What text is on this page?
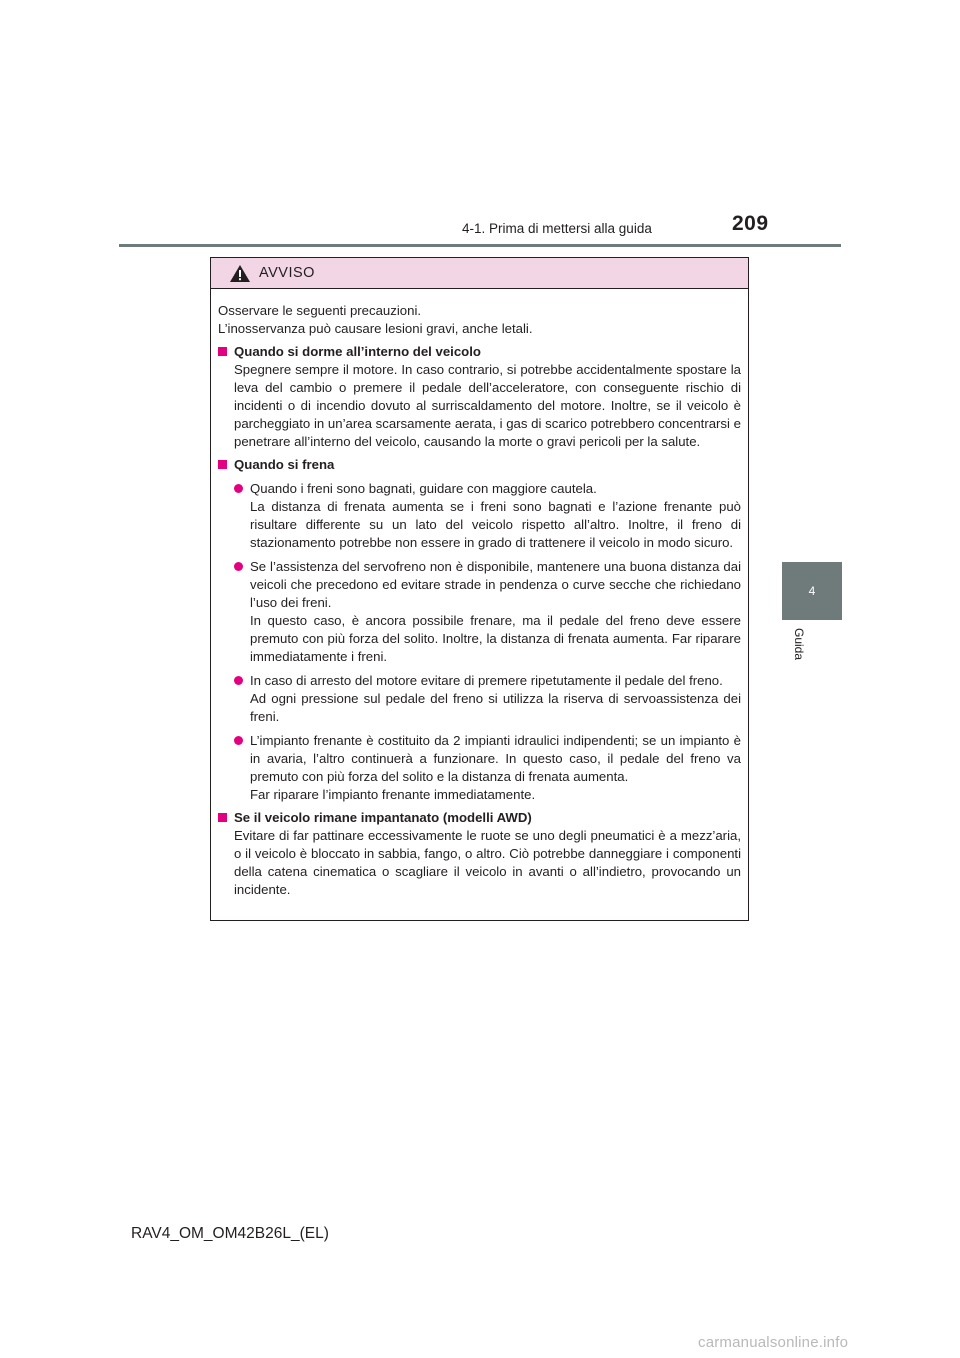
4-1. Prima di mettersi alla guida	209
4
Guida
AVVISO

Osservare le seguenti precauzioni.

L’inosservanza può causare lesioni gravi, anche letali.

Quando si dorme all’interno del veicolo

Spegnere sempre il motore. In caso contrario, si potrebbe accidentalmente spostare la leva del cambio o premere il pedale dell’acceleratore, con conseguente rischio di incidenti o di incendio dovuto al surriscaldamento del motore. Inoltre, se il veicolo è parcheggiato in un’area scarsamente aerata, i gas di scarico potrebbero concentrarsi e penetrare all’interno del veicolo, causando la morte o gravi pericoli per la salute.

Quando si frena

Quando i freni sono bagnati, guidare con maggiore cautela.

La distanza di frenata aumenta se i freni sono bagnati e l’azione frenante può risultare differente su un lato del veicolo rispetto all’altro. Inoltre, il freno di stazionamento potrebbe non essere in grado di trattenere il veicolo in modo sicuro.

Se l’assistenza del servofreno non è disponibile, mantenere una buona distanza dai veicoli che precedono ed evitare strade in pendenza o curve secche che richiedano l’uso dei freni.

In questo caso, è ancora possibile frenare, ma il pedale del freno deve essere premuto con più forza del solito. Inoltre, la distanza di frenata aumenta. Far riparare immediatamente i freni.

In caso di arresto del motore evitare di premere ripetutamente il pedale del freno.

Ad ogni pressione sul pedale del freno si utilizza la riserva di servoassistenza dei freni.

L’impianto frenante è costituito da 2 impianti idraulici indipendenti; se un impianto è in avaria, l’altro continuerà a funzionare. In questo caso, il pedale del freno va premuto con più forza del solito e la distanza di frenata aumenta.

Far riparare l’impianto frenante immediatamente.

Se il veicolo rimane impantanato (modelli AWD)

Evitare di far pattinare eccessivamente le ruote se uno degli pneumatici è a mezz’aria, o il veicolo è bloccato in sabbia, fango, o altro. Ciò potrebbe danneggiare i componenti della catena cinematica o scagliare il veicolo in avanti o all’indietro, provocando un incidente.

RAV4_OM_OM42B26L_(EL)
carmanualsonline.info
